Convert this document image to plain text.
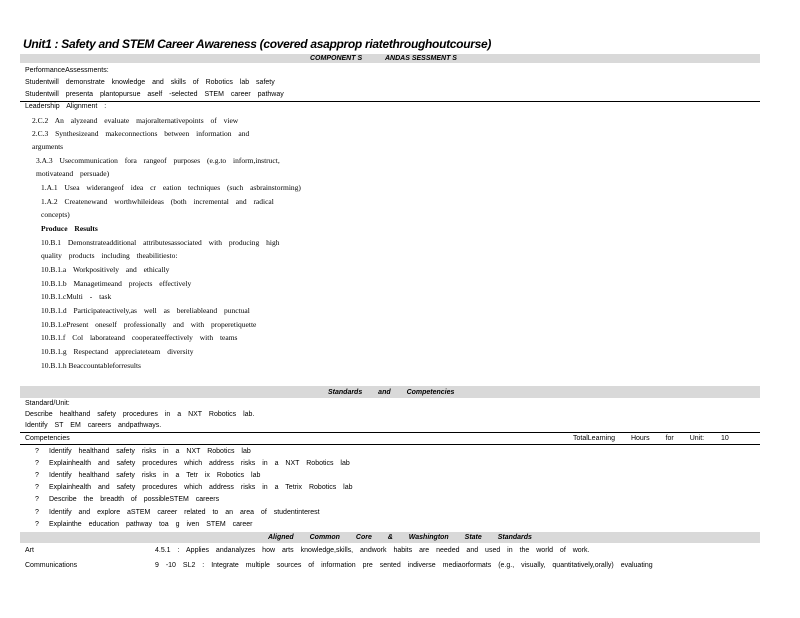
Unit1 : Safety and STEM Career Awareness (covered asapprop riatethroughoutcourse)
COMPONENT S	ANDAS SESSMENT S
PerformanceAssessments:
Studentwill demonstrate knowledge and skills of Robotics lab safety
Studentwill presenta plantopursue aself -selected STEM career pathway
Leadership Alignment :
2.C.2 An alyzeand evaluate majoralternativepoints of view
2.C.3 Synthesizeand makeconnections between information and
arguments
3.A.3 Usecommunication fora rangeof purposes (e.g.to inform,instruct,
motivateand persuade)
1.A.1 Usea widerangeof idea cr eation techniques (such asbrainstorming)
1.A.2 Createnewand worthwhileideas (both incremental and radical
concepts)
Produce Results
10.B.1 Demonstrateadditional attributesassociated with producing high
quality products including theabilitiesto:
10.B.1.a Workpositively and ethically
10.B.1.b Managetimeand projects effectively
10.B.1.cMulti - task
10.B.1.d Participateactively,as well as bereliableand punctual
10.B.1.ePresent oneself professionally and with properetiquette
10.B.1.f Col laborateand cooperateeffectively with teams
10.B.1.g Respectand appreciateteam diversity
10.B.1.h Beaccountableforresults
Standards and Competencies
Standard/Unit:
Describe healthand safety procedures in a NXT Robotics lab.
Identify ST EM careers andpathways.
Competencies	TotalLearning Hours for Unit: 10
? Identify healthand safety risks in a NXT Robotics lab
? Explainhealth and safety procedures which address risks in a NXT Robotics lab
? Identify healthand safety risks in a Tetr ix Robotics lab
? Explainhealth and safety procedures which address risks in a Tetrix Robotics lab
? Describe the breadth of possibleSTEM careers
? Identify and explore aSTEM career related to an area of studentinterest
? Explainthe education pathway toa g iven STEM career
Aligned Common Core & Washington State Standards
Art	4.5.1 : Applies andanalyzes how arts knowledge,skills, andwork habits are needed and used in the world of work.
Communications	9 -10 SL2 : Integrate multiple sources of information pre sented indiverse mediaorformats (e.g., visually, quantitatively,orally) evaluating
